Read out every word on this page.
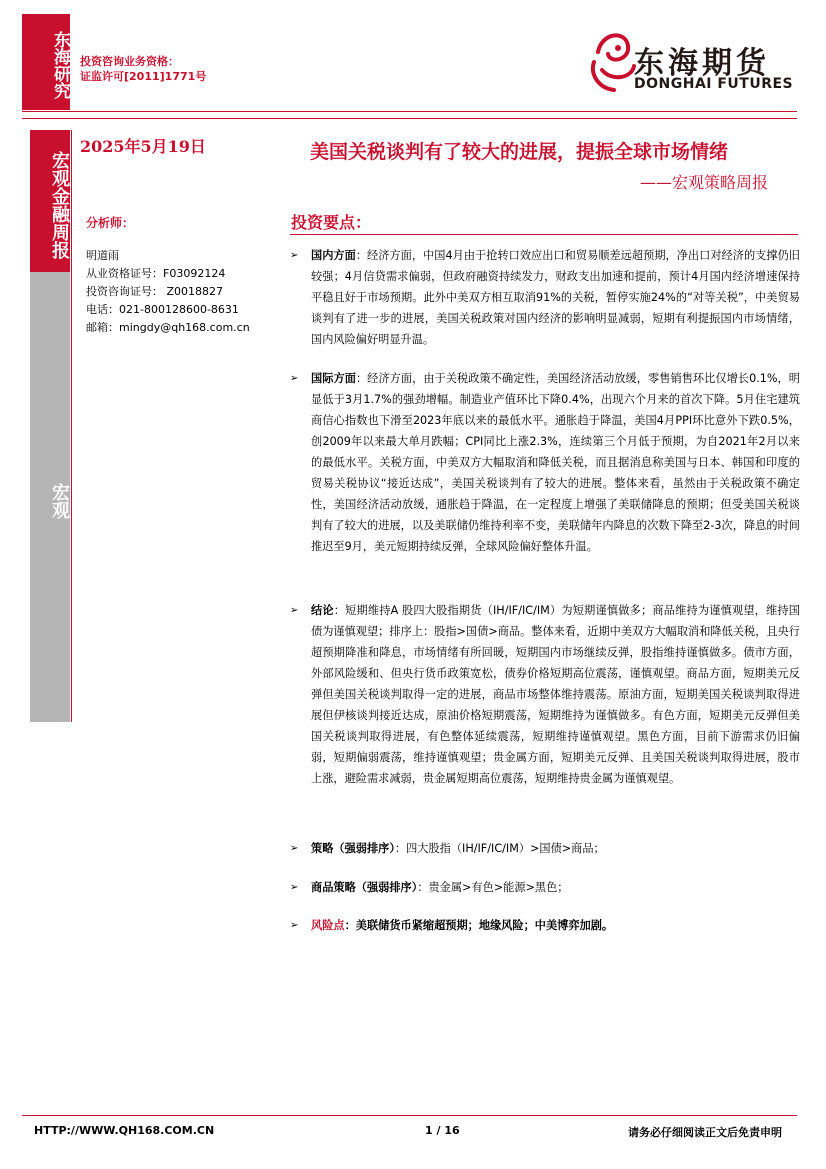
东海研究 投资咨询业务资格：
证监许可[2011]1771号	东海期货
DONGHAI FUTURES
宏观金融周报
宏观
2025年5月19日
分析师：
明道雨
从业资格证号：F03092124
投资咨询证号： Z0018827
电话：021-80012860​0-8631
邮箱：mingdy@qh168.com.cn
美国关税谈判有了较大的进展，提振全球市场情绪
——宏观策略周报
投资要点：
➢ 国内方面：经济方面，中国4月由于抢转口效应出口和贸易顺差远超预期，净出口对经济的支撑仍旧较强；4月信贷需求偏弱，但政府融资持续发力，财政支出加速和提前，预计4月国内经济增速保持平稳且好于市场预期。此外中美双方相互取消91%的关税，暂停实施24%的“对等关税”，中美贸易谈判有了进一步的进展，美国关税政策对国内经济的影响明显减弱，短期有利提振国内市场情绪，国内风险偏好明显升温。
➢ 国际方面：经济方面，由于关税政策不确定性，美国经济活动放缓，零售销售环比仅增长0.1%，明显低于3月1.7%的强劲增幅。制造业产值环比下降0.4%，出现六个月来的首次下降。5月住宅建筑商信心指数也下滑至2023年底以来的最低水平。通胀趋于降温，美国4月PPI环比意外下跌0.5%，创2009年以来最大单月跌幅；CPI同比上涨2.3%，连续第三个月低于预期，为自2021年2月以来的最低水平。关税方面，中美双方大幅取消和降低关税，而且据消息称美国与日本、韩国和印度的贸易关税协议“接近达成”，美国关税谈判有了较大的进展。整体来看，虽然由于关税政策不确定性，美国经济活动放缓，通胀趋于降温，在一定程度上增强了美联储降息的预期；但受美国关税谈判有了较大的进展，以及美联储仍维持利率不变，美联储年内降息的次数下降至2-3次，降息的时间推迟至9月，美元短期持续反弹，全球风险偏好整体升温。
➢ 结论：短期维持A 股四大股指期货（IH/IF/IC/IM）为短期谨慎做多；商品维持为谨慎观望，维持国债为谨慎观望；排序上：股指>国债>商品。整体来看，近期中美双方大幅取消和降低关税，且央行超预期降准和降息，市场情绪有所回暖，短期国内市场继续反弹，股指维持谨慎做多。债市方面，外部风险缓和、但央行货币政策宽松，债券价格短期高位震荡，谨慎观望。商品方面，短期美元反弹但美国关税谈判取得一定的进展，商品市场整体维持震荡。原油方面，短期美国关税谈判取得进展但伊核谈判接近达成，原油价格短期震荡，短期维持为谨慎做多。有色方面，短期美元反弹但美国关税谈判取得进展，有色整体延续震荡，短期维持谨慎观望。黑色方面，目前下游需求仍旧偏弱，短期偏弱震荡，维持谨慎观望；贵金属方面，短期美元反弹、且美国关税谈判取得进展，股市上涨，避险需求减弱，贵金属短期高位震荡，短期维持贵金属为谨慎观望。
➢ 策略（强弱排序）：四大股指（IH/IF/IC/IM）>国债>商品；
➢ 商品策略（强弱排序）：贵金属>有色>能源>黑色；
➢ 风险点：美联储货币紧缩超预期；地缘风险；中美博弈加剧。
HTTP://WWW.QH168.COM.CN	1 / 16	请务必仔细阅读正文后免责申明
